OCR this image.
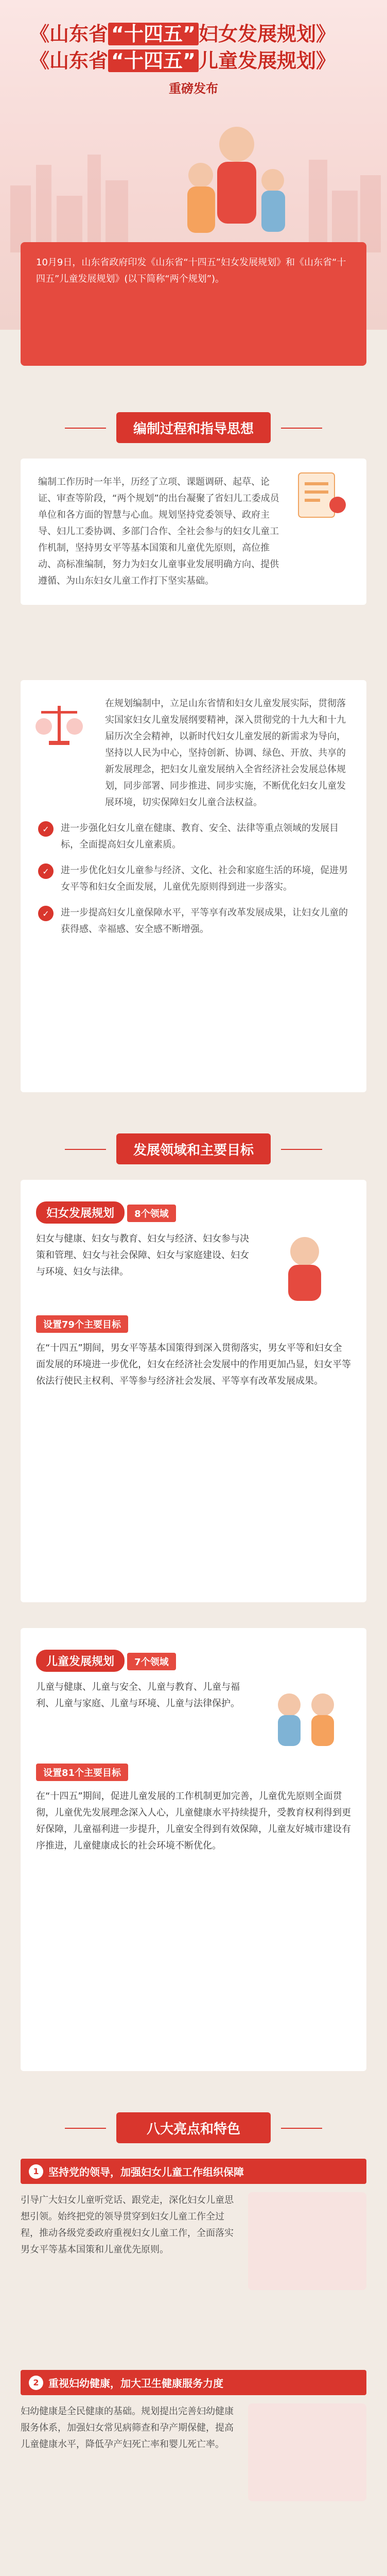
《山东省 “十四五” 妇女发展规划》
《山东省 “十四五” 儿童发展规划》
重磅发布
10月9日，山东省政府印发《山东省“十四五”妇女发展规划》和《山东省“十四五”儿童发展规划》(以下简称“两个规划”)。
编制过程和指导思想
编制工作历时一年半，历经了立项、课题调研、起草、论证、审查等阶段，“两个规划”的出台凝聚了省妇儿工委成员单位和各方面的智慧与心血。规划坚持党委领导、政府主导、妇儿工委协调、多部门合作、全社会参与的妇女儿童工作机制，坚持男女平等基本国策和儿童优先原则，高位推动、高标准编制，努力为妇女儿童事业发展明确方向、提供遵循、为山东妇女儿童工作打下坚实基础。
在规划编制中，立足山东省情和妇女儿童发展实际，贯彻落实国家妇女儿童发展纲要精神，深入贯彻党的十九大和十九届历次全会精神，以新时代妇女儿童发展的新需求为导向，坚持以人民为中心，坚持创新、协调、绿色、开放、共享的新发展理念，把妇女儿童发展纳入全省经济社会发展总体规划，同步部署、同步推进、同步实施，不断优化妇女儿童发展环境，切实保障妇女儿童合法权益。
✓	进一步强化妇女儿童在健康、教育、安全、法律等重点领域的发展目标，全面提高妇女儿童素质。
✓	进一步优化妇女儿童参与经济、文化、社会和家庭生活的环境，促进男女平等和妇女全面发展，儿童优先原则得到进一步落实。
✓	进一步提高妇女儿童保障水平，平等享有改革发展成果，让妇女儿童的获得感、幸福感、安全感不断增强。
发展领域和主要目标
妇女发展规划 8个领域
妇女与健康、妇女与教育、妇女与经济、妇女参与决策和管理、妇女与社会保障、妇女与家庭建设、妇女与环境、妇女与法律。
设置79个主要目标
在“十四五”期间，男女平等基本国策得到深入贯彻落实，男女平等和妇女全面发展的环境进一步优化，妇女在经济社会发展中的作用更加凸显，妇女平等依法行使民主权利、平等参与经济社会发展、平等享有改革发展成果。
儿童发展规划 7个领域
儿童与健康、儿童与安全、儿童与教育、儿童与福利、儿童与家庭、儿童与环境、儿童与法律保护。
设置81个主要目标
在“十四五”期间，促进儿童发展的工作机制更加完善，儿童优先原则全面贯彻，儿童优先发展理念深入人心，儿童健康水平持续提升，受教育权利得到更好保障，儿童福利进一步提升，儿童安全得到有效保障，儿童友好城市建设有序推进，儿童健康成长的社会环境不断优化。
八大亮点和特色
1 坚持党的领导，加强妇女儿童工作组织保障
引导广大妇女儿童听党话、跟党走，深化妇女儿童思想引领。始终把党的领导贯穿到妇女儿童工作全过程，推动各级党委政府重视妇女儿童工作，全面落实男女平等基本国策和儿童优先原则。
2 重视妇幼健康，加大卫生健康服务力度
妇幼健康是全民健康的基础。规划提出完善妇幼健康服务体系，加强妇女常见病筛查和孕产期保健，提高儿童健康水平，降低孕产妇死亡率和婴儿死亡率。
